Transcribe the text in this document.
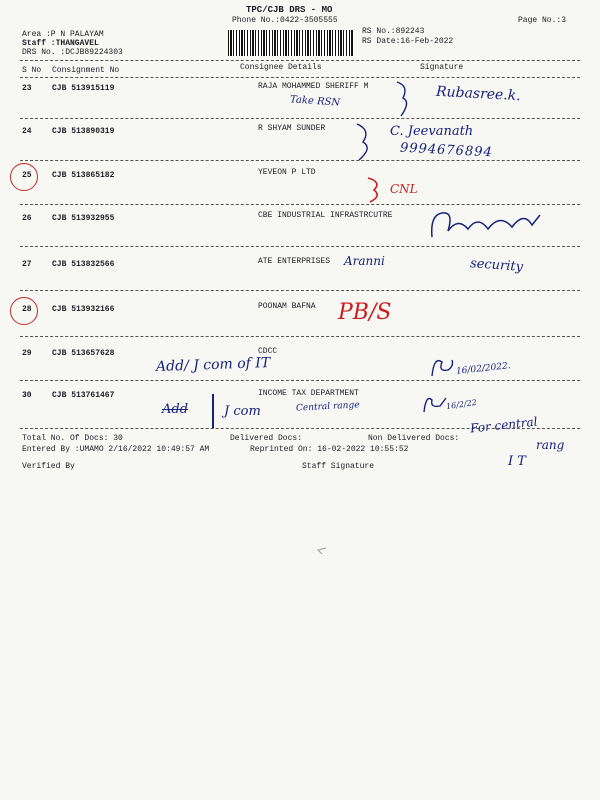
TPC/CJB DRS - MO
Phone No.:0422-3505555
Area :P N PALAYAM
Staff :THANGAVEL
DRS No. :DCJB89224303
RS No.:892243
RS Date:16-Feb-2022
Page No.:3
S No Consignment No	Consignee Details	Signature
23	CJB 513915119	RAJA MOHAMMED SHERIFF M
24	CJB 513890319	R SHYAM SUNDER
25	CJB 513865182	YEVEON P LTD
26	CJB 513932955	CBE INDUSTRIAL INFRASTRCUTRE
27	CJB 513832566	ATE ENTERPRISES
28	CJB 513932166	POONAM BAFNA
29	CJB 513657628	CDCC
30	CJB 513761467	INCOME TAX DEPARTMENT
Total No. Of Docs: 30	Delivered Docs:	Non Delivered Docs:
Entered By :UMAMO 2/16/2022 10:49:57 AM	Reprinted On: 16-02-2022 10:55:52
Verified By	Staff Signature
Take RSN	Rubasree.k.
C. Jeevanath
9994676894
CNL
Aranni	security
PB/S
Add/ J com of IT	16/02/2022.
Add	J com	Central range	16/2/22
For central
rang
I T
